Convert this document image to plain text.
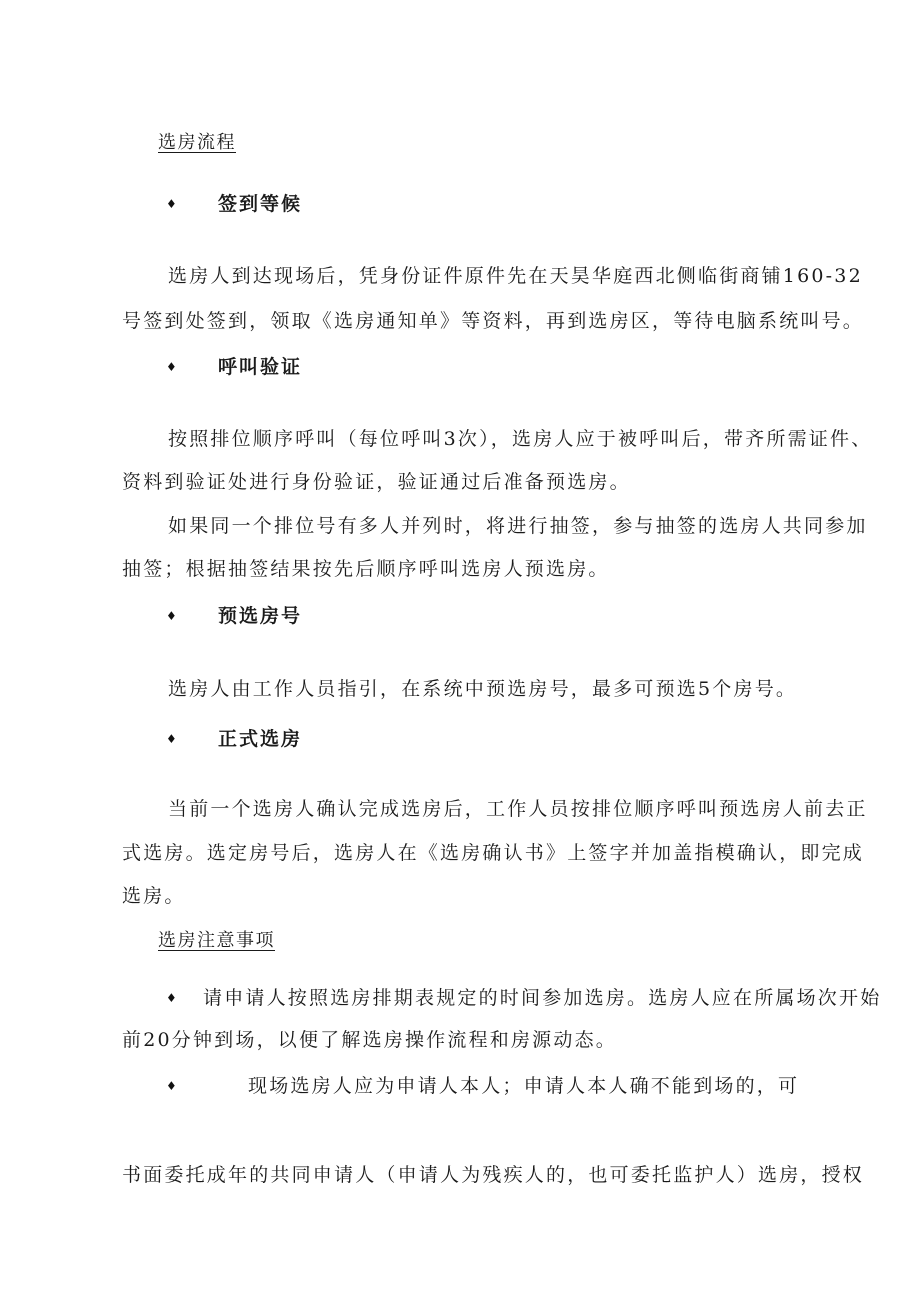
选房流程
♦ 签到等候
选房人到达现场后，凭身份证件原件先在天昊华庭西北侧临街商铺160-32
号签到处签到，领取《选房通知单》等资料，再到选房区，等待电脑系统叫号。
♦ 呼叫验证
按照排位顺序呼叫（每位呼叫3次），选房人应于被呼叫后，带齐所需证件、
资料到验证处进行身份验证，验证通过后准备预选房。
如果同一个排位号有多人并列时，将进行抽签，参与抽签的选房人共同参加
抽签；根据抽签结果按先后顺序呼叫选房人预选房。
♦ 预选房号
选房人由工作人员指引，在系统中预选房号，最多可预选5个房号。
♦ 正式选房
当前一个选房人确认完成选房后，工作人员按排位顺序呼叫预选房人前去正
式选房。选定房号后，选房人在《选房确认书》上签字并加盖指模确认，即完成
选房。
选房注意事项
♦ 请申请人按照选房排期表规定的时间参加选房。选房人应在所属场次开始
前20分钟到场，以便了解选房操作流程和房源动态。
♦	现场选房人应为申请人本人；申请人本人确不能到场的，可
书面委托成年的共同申请人（申请人为残疾人的，也可委托监护人）选房，授权
